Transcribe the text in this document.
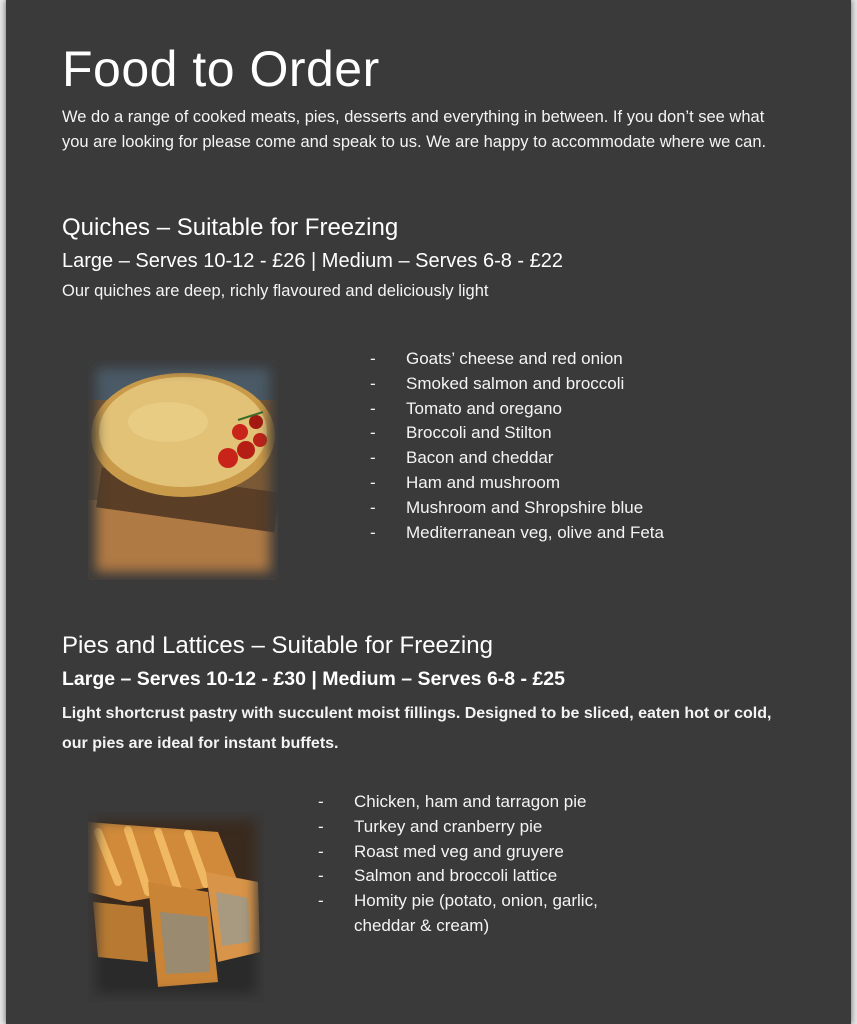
Food to Order

We do a range of cooked meats, pies, desserts and everything in between. If you don’t see what you are looking for please come and speak to us. We are happy to accommodate where we can.

Quiches – Suitable for Freezing

Large – Serves 10-12 - £26 | Medium – Serves 6-8 - £22

Our quiches are deep, richly flavoured and deliciously light

- Goats’ cheese and red onion
- Smoked salmon and broccoli
- Tomato and oregano
- Broccoli and Stilton
- Bacon and cheddar
- Ham and mushroom
- Mushroom and Shropshire blue
- Mediterranean veg, olive and Feta
Pies and Lattices – Suitable for Freezing

Large – Serves 10-12 - £30 | Medium – Serves 6-8 - £25

Light shortcrust pastry with succulent moist fillings. Designed to be sliced, eaten hot or cold, our pies are ideal for instant buffets.

- Chicken, ham and tarragon pie
- Turkey and cranberry pie
- Roast med veg and gruyere
- Salmon and broccoli lattice
- Homity pie (potato, onion, garlic, cheddar & cream)
